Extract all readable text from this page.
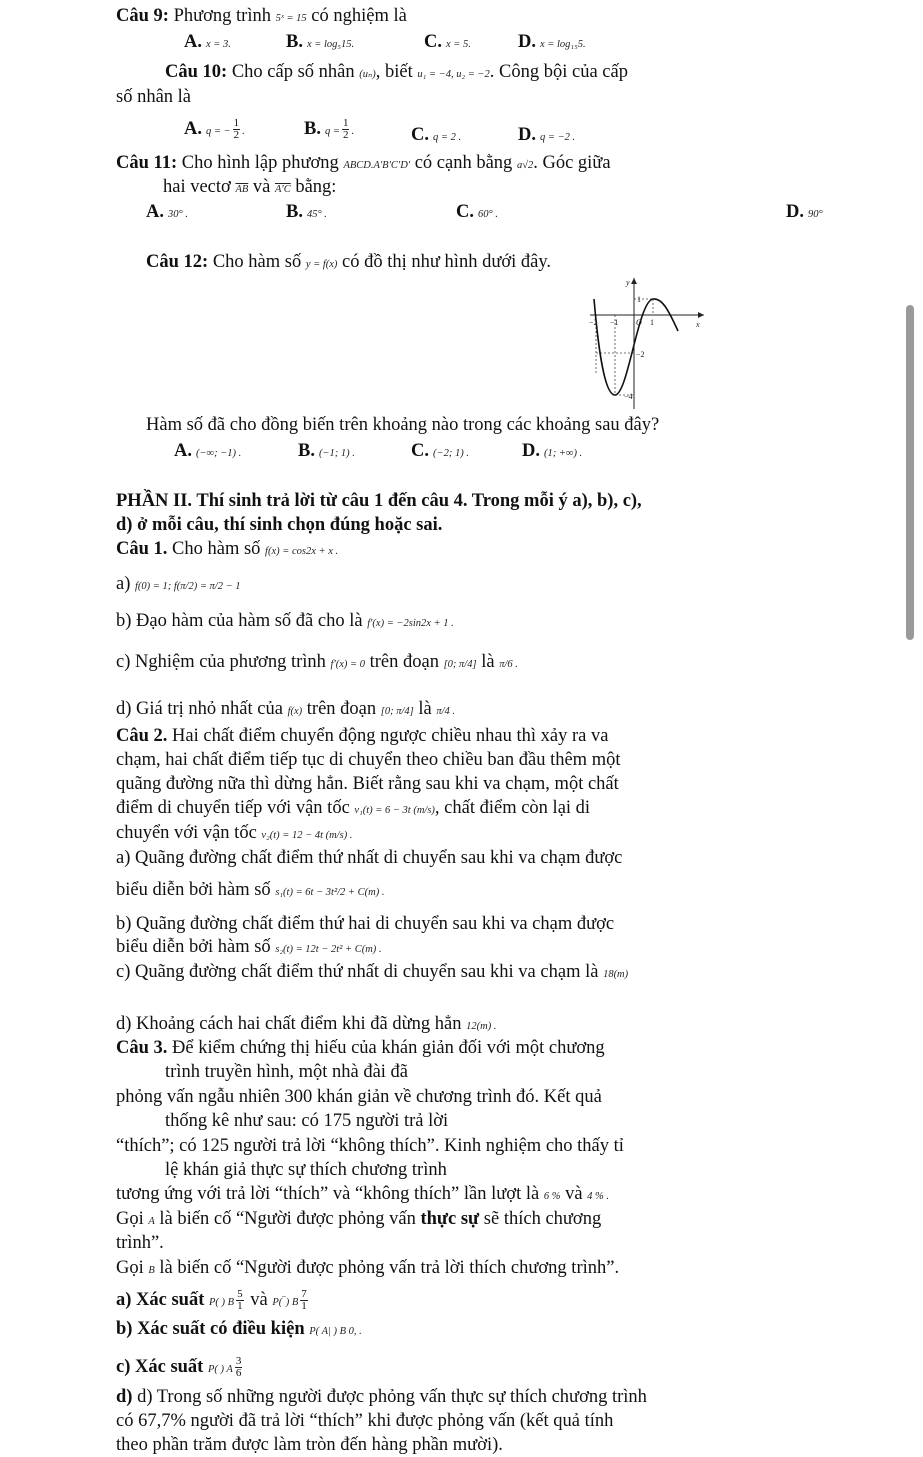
Câu 9: Phương trình 5ˣ = 15 có nghiệm là
A. x = 3.	B. x = log₅15.	C. x = 5.	D. x = log₁₅5.
Câu 10: Cho cấp số nhân (uₙ), biết u₁ = −4, u₂ = −2. Công bội của cấp
số nhân là
A. q = − $\frac{1}{2}$ .	B. $q = \frac{1}{2}$ .	C. q = 2 .	D. q = −2 .
Câu 11: Cho hình lập phương ABCD.A′B′C′D′ có cạnh bằng a√2. Góc giữa
hai vectơ $\overline{AB}$ và A′C bằng:
A. 30° .	B. 45° .	C. 60° .	D. 90°
Câu 12: Cho hàm số y = f(x) có đồ thị như hình dưới đây.
y
x
O
−2 −1	1
1
−2
−4
Hàm số đã cho đồng biến trên khoảng nào trong các khoảng sau đây?
A. (−∞; −1) .	B. (−1; 1) .	C. (−2; 1) .	D. (1; +∞) .
PHẦN II. Thí sinh trả lời từ câu 1 đến câu 4. Trong mỗi ý a), b), c),
d) ở mỗi câu, thí sinh chọn đúng hoặc sai.
Câu 1. Cho hàm số f(x) = cos2x + x .
a) f(0) = 1; f(π/2) = π/2 − 1
b) Đạo hàm của hàm số đã cho là f′(x) = −2sin2x + 1 .
c) Nghiệm của phương trình f′(x) = 0 trên đoạn [0; π/4] là π/6 .
d) Giá trị nhỏ nhất của f(x) trên đoạn [0; π/4] là π/4 .
Câu 2. Hai chất điểm chuyển động ngược chiều nhau thì xảy ra va
chạm, hai chất điểm tiếp tục di chuyển theo chiều ban đầu thêm một
quãng đường nữa thì dừng hẳn. Biết rằng sau khi va chạm, một chất
điểm di chuyển tiếp với vận tốc v₁(t) = 6 − 3t (m/s), chất điểm còn lại di
chuyển với vận tốc v₂(t) = 12 − 4t (m/s) .
a) Quãng đường chất điểm thứ nhất di chuyển sau khi va chạm được
biểu diễn bởi hàm số s₁(t) = 6t − 3t²/2 + C(m) .
b) Quãng đường chất điểm thứ hai di chuyển sau khi va chạm được
biểu diễn bởi hàm số s₂(t) = 12t − 2t² + C(m) .
c) Quãng đường chất điểm thứ nhất di chuyển sau khi va chạm là 18(m)
d) Khoảng cách hai chất điểm khi đã dừng hẳn 12(m) .
Câu 3. Để kiểm chứng thị hiếu của khán giản đối với một chương
trình truyền hình, một nhà đài đã
phỏng vấn ngẫu nhiên 300 khán giản về chương trình đó. Kết quả
thống kê như sau: có 175 người trả lời
“thích”; có 125 người trả lời “không thích”. Kinh nghiệm cho thấy tỉ
lệ khán giả thực sự thích chương trình
tương ứng với trả lời “thích” và “không thích” lần lượt là 6 % và 4 % .
Gọi A là biến cố “Người được phỏng vấn thực sự sẽ thích chương
trình”.
Gọi B là biến cố “Người được phỏng vấn trả lời thích chương trình”.
a) Xác suất P( ) B $\frac{5}{1}$ và P(‾) B $\frac{7}{1}$
b) Xác suất có điều kiện P( A| ) B 0, .
c) Xác suất P( ) A $\frac{3}{6}$
d) d) Trong số những người được phỏng vấn thực sự thích chương trình
có 67,7% người đã trả lời “thích” khi được phỏng vấn (kết quả tính
theo phần trăm được làm tròn đến hàng phần mười).
